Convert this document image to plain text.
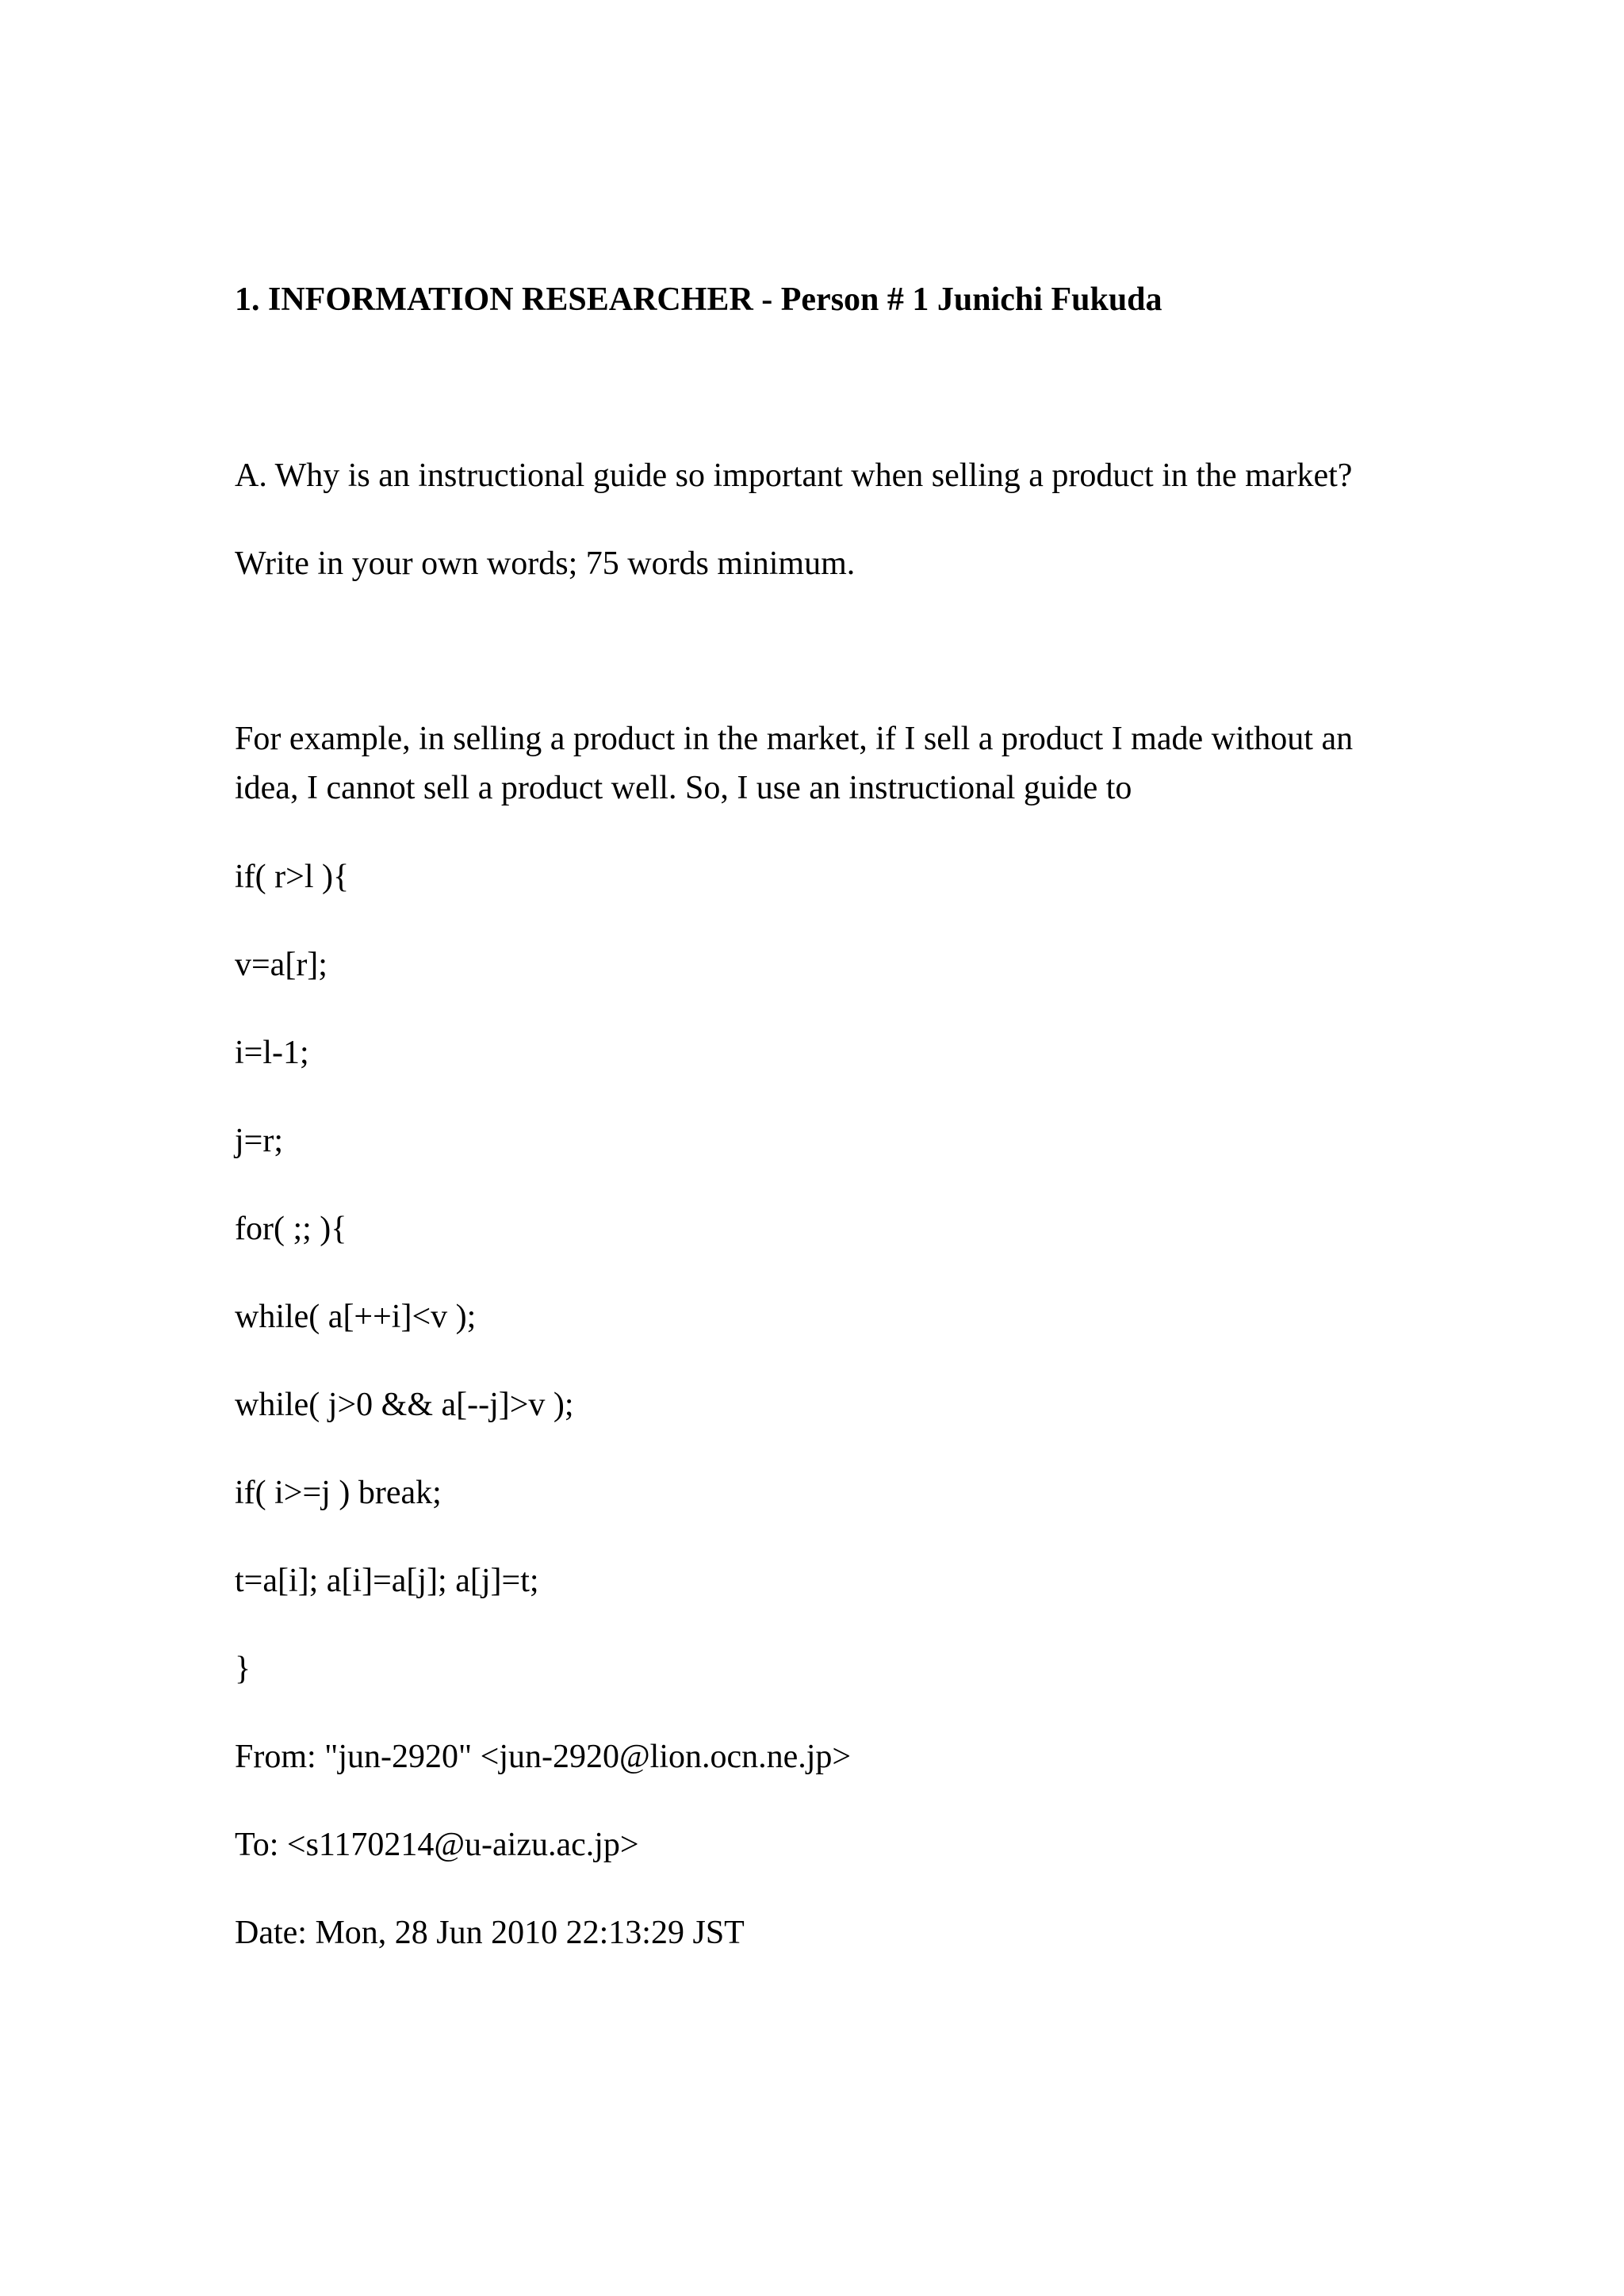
1. INFORMATION RESEARCHER - Person # 1 Junichi Fukuda
A. Why is an instructional guide so important when selling a product in the market?
Write in your own words; 75 words minimum.
For example, in selling a product in the market, if I sell a product I made without an
idea, I cannot sell a product well. So, I use an instructional guide to
if( r>l ){
v=a[r];
i=l-1;
j=r;
for( ;; ){
while( a[++i]<v );
while( j>0 && a[--j]>v );
if( i>=j ) break;
t=a[i]; a[i]=a[j]; a[j]=t;
}
From: "jun-2920" <jun-2920@lion.ocn.ne.jp>
To: <s1170214@u-aizu.ac.jp>
Date: Mon, 28 Jun 2010 22:13:29 JST
